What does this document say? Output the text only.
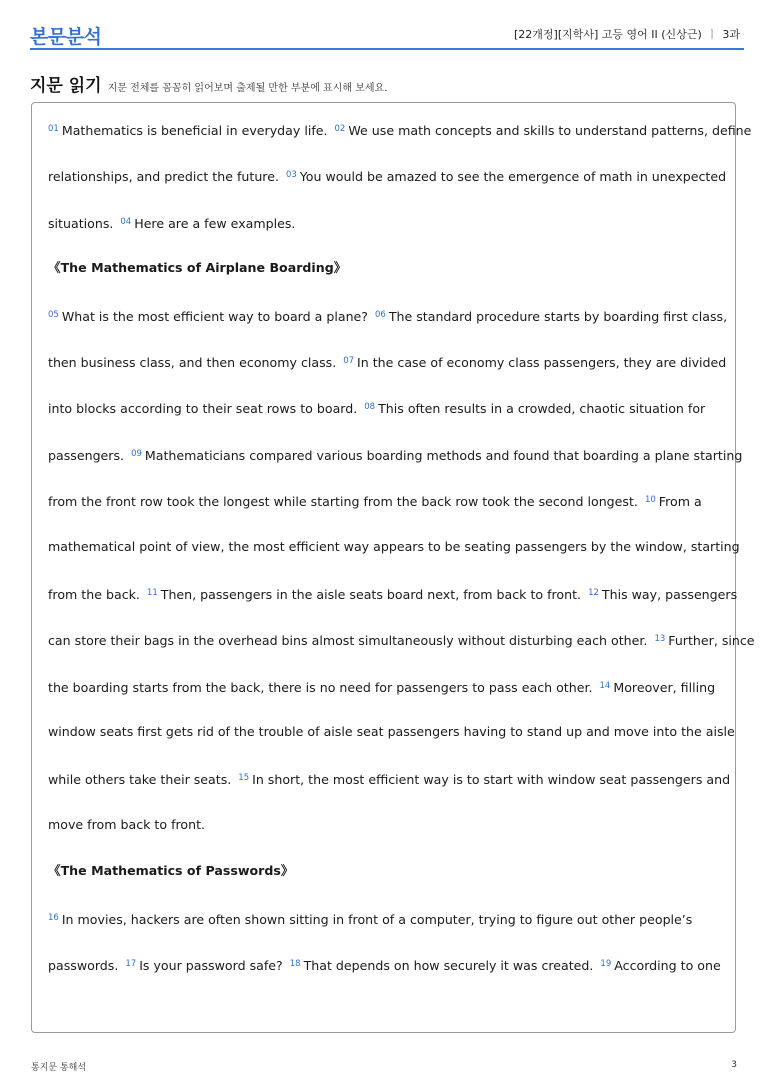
본문분석	[22개정][지학사] 고등 영어 II (신상근) ㅣ 3과
지문 읽기 지문 전체를 꼼꼼히 읽어보며 출제될 만한 부분에 표시해 보세요.
$^{01}$ Mathematics is beneficial in everyday life. $^{02}$ We use math concepts and skills to understand patterns, define
relationships, and predict the future. $^{03}$ You would be amazed to see the emergence of math in unexpected
situations. $^{04}$ Here are a few examples.
《The Mathematics of Airplane Boarding》
$^{05}$ What is the most efficient way to board a plane? $^{06}$ The standard procedure starts by boarding first class,
then business class, and then economy class. $^{07}$ In the case of economy class passengers, they are divided
into blocks according to their seat rows to board. $^{08}$ This often results in a crowded, chaotic situation for
passengers. $^{09}$ Mathematicians compared various boarding methods and found that boarding a plane starting
from the front row took the longest while starting from the back row took the second longest. $^{10}$ From a
mathematical point of view, the most efficient way appears to be seating passengers by the window, starting
from the back. $^{11}$ Then, passengers in the aisle seats board next, from back to front. $^{12}$ This way, passengers
can store their bags in the overhead bins almost simultaneously without disturbing each other. $^{13}$ Further, since
the boarding starts from the back, there is no need for passengers to pass each other. $^{14}$ Moreover, filling
window seats first gets rid of the trouble of aisle seat passengers having to stand up and move into the aisle
while others take their seats. $^{15}$ In short, the most efficient way is to start with window seat passengers and
move from back to front.
《The Mathematics of Passwords》
$^{16}$ In movies, hackers are often shown sitting in front of a computer, trying to figure out other people’s
passwords. $^{17}$ Is your password safe? $^{18}$ That depends on how securely it was created. $^{19}$ According to one
통지문 통해석	3
